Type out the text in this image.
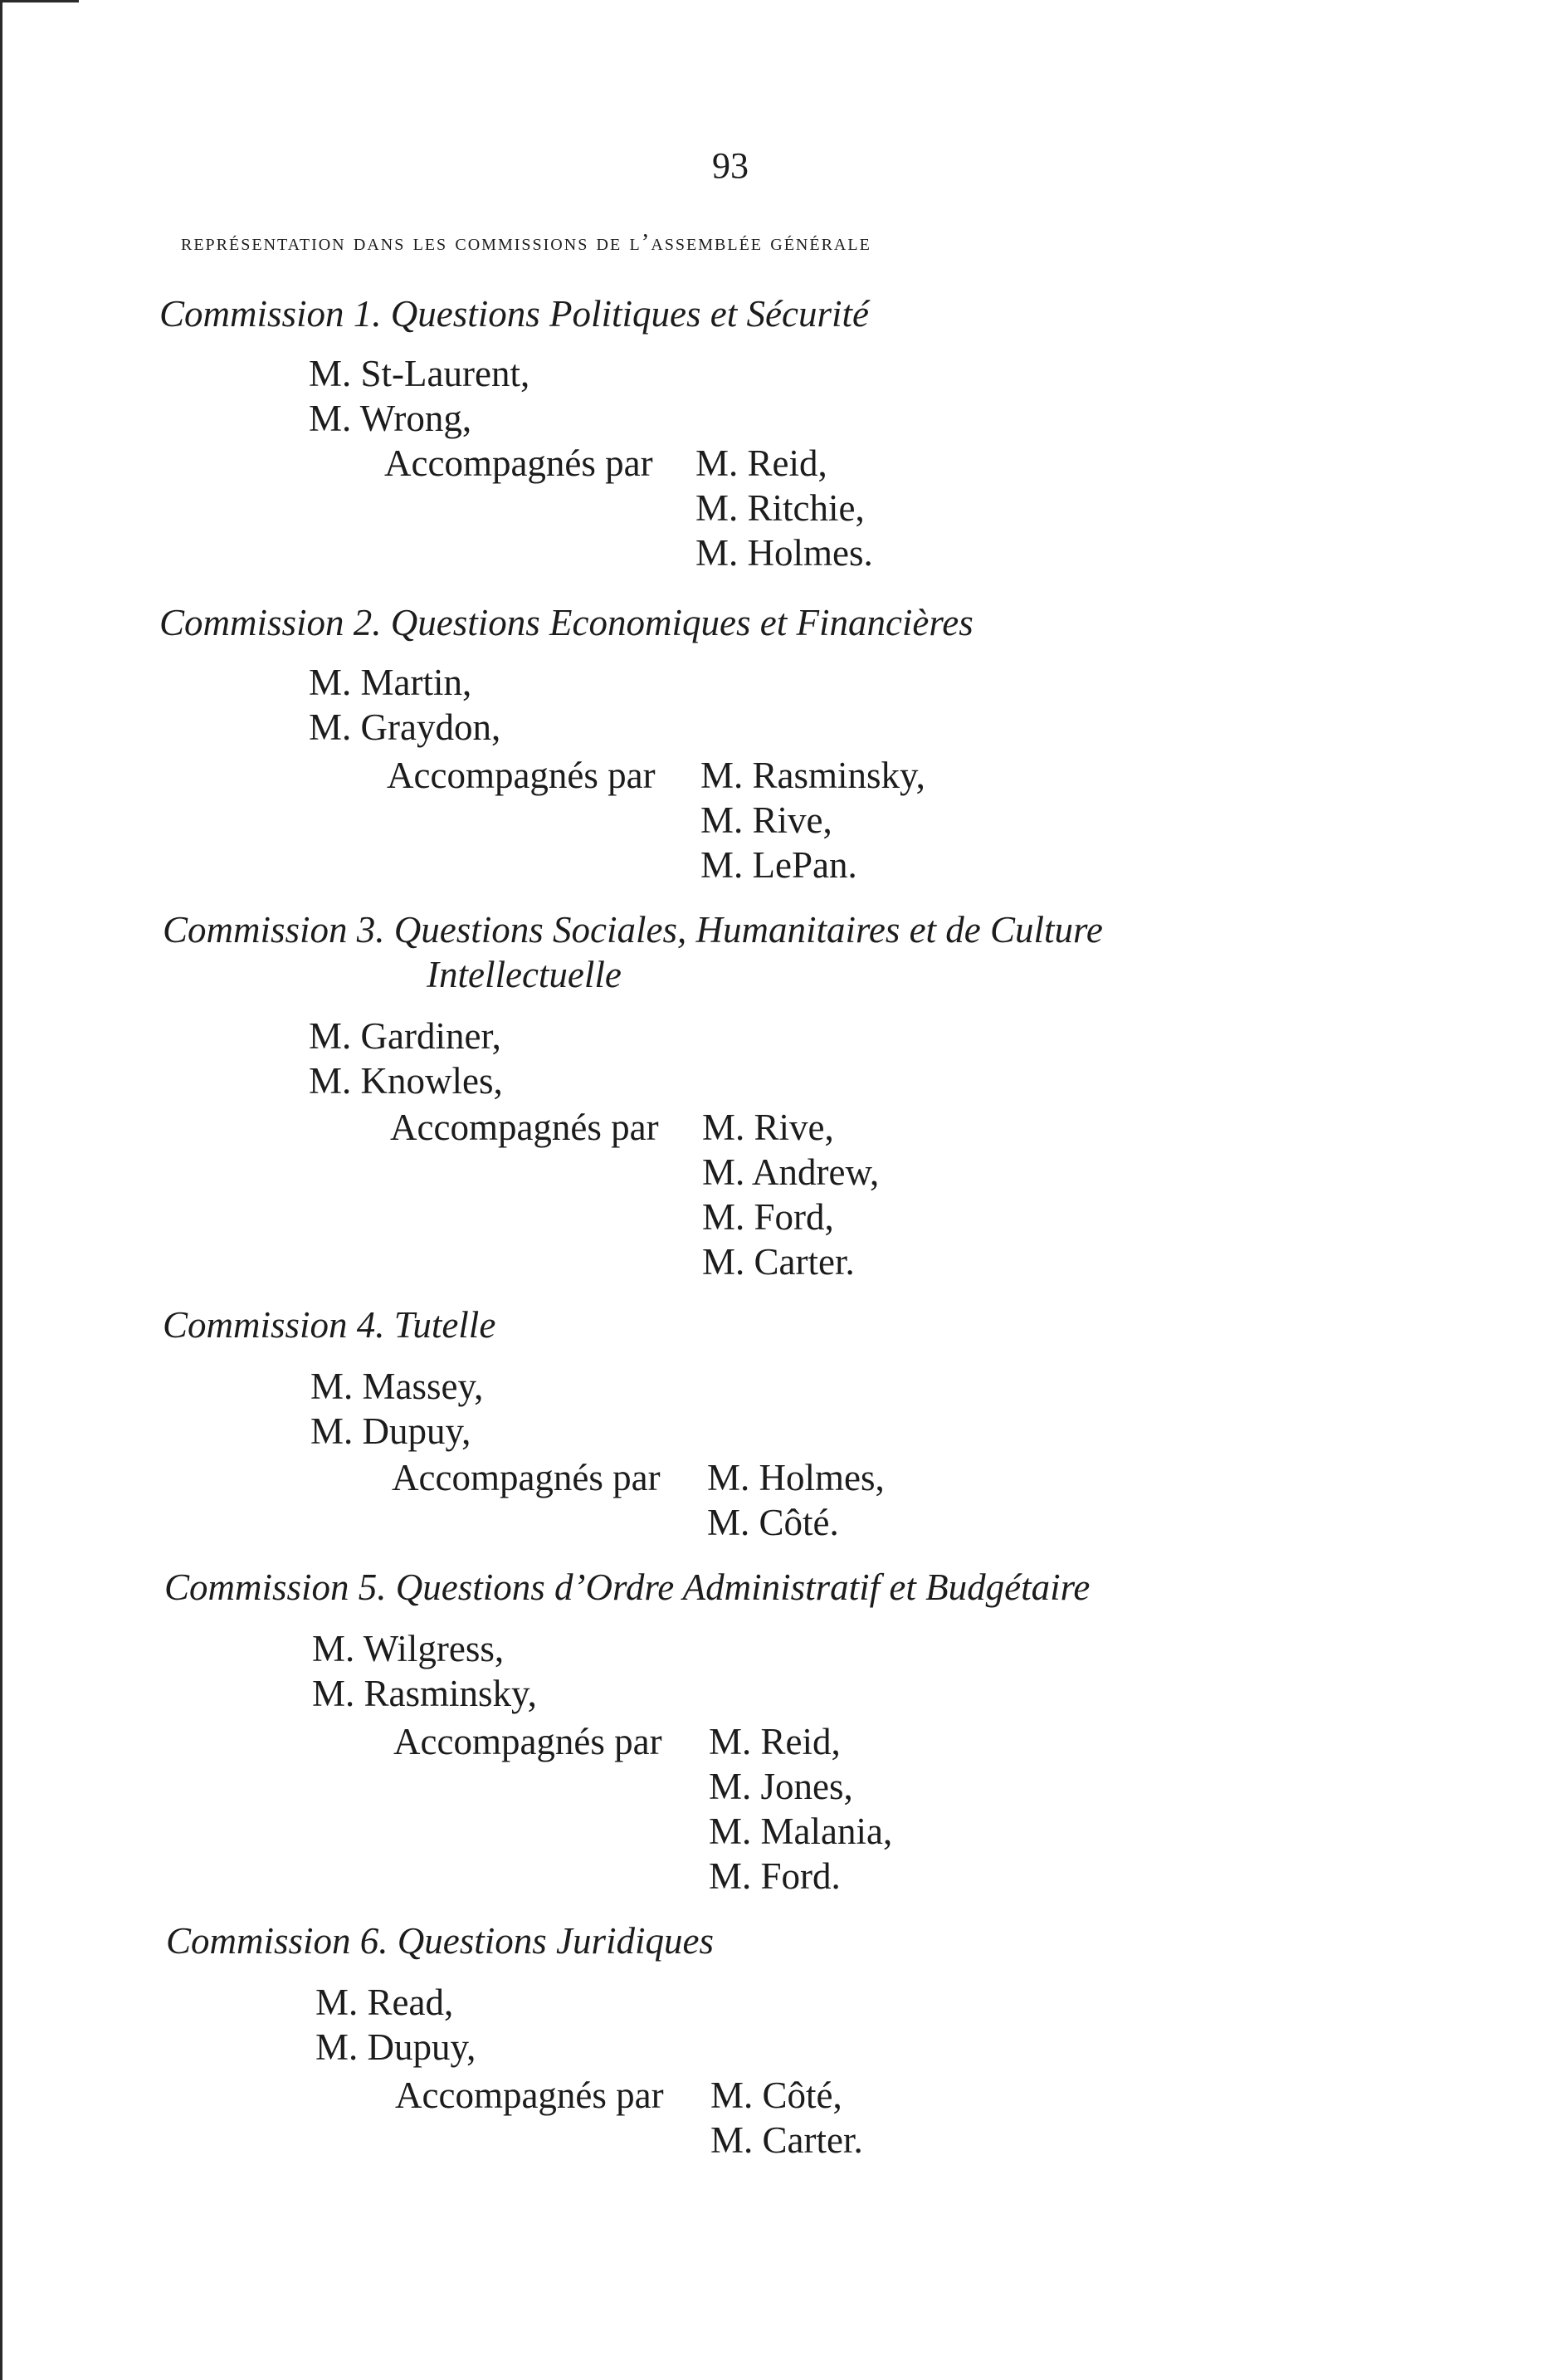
93
représentation dans les commissions de l’assemblée générale
Commission 1. Questions Politiques et Sécurité
M. St-Laurent,
M. Wrong,
Accompagnés par M. Reid,
M. Ritchie,
M. Holmes.
Commission 2. Questions Economiques et Financières
M. Martin,
M. Graydon,
Accompagnés par M. Rasminsky,
M. Rive,
M. LePan.
Commission 3. Questions Sociales, Humanitaires et de Culture
Intellectuelle
M. Gardiner,
M. Knowles,
Accompagnés par M. Rive,
M. Andrew,
M. Ford,
M. Carter.
Commission 4. Tutelle
M. Massey,
M. Dupuy,
Accompagnés par M. Holmes,
M. Côté.
Commission 5. Questions d’Ordre Administratif et Budgétaire
M. Wilgress,
M. Rasminsky,
Accompagnés par M. Reid,
M. Jones,
M. Malania,
M. Ford.
Commission 6. Questions Juridiques
M. Read,
M. Dupuy,
Accompagnés par M. Côté,
M. Carter.
